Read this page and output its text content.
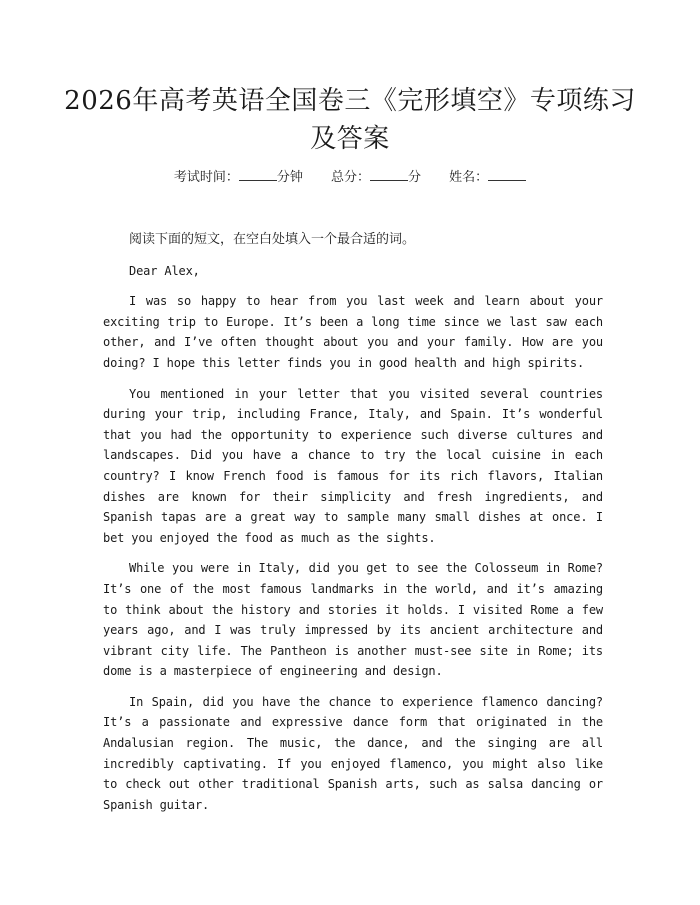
2026年高考英语全国卷三《完形填空》专项练习及答案
考试时间：	分钟 总分：	分 姓名：

阅读下面的短文，在空白处填入一个最合适的词。

Dear Alex,

I was so happy to hear from you last week and learn about your exciting trip to Europe. It’s been a long time since we last saw each other, and I’ve often thought about you and your family. How are you doing? I hope this letter finds you in good health and high spirits.

You mentioned in your letter that you visited several countries during your trip, including France, Italy, and Spain. It’s wonderful that you had the opportunity to experience such diverse cultures and landscapes. Did you have a chance to try the local cuisine in each country? I know French food is famous for its rich flavors, Italian dishes are known for their simplicity and fresh ingredients, and Spanish tapas are a great way to sample many small dishes at once. I bet you enjoyed the food as much as the sights.

While you were in Italy, did you get to see the Colosseum in Rome? It’s one of the most famous landmarks in the world, and it’s amazing to think about the history and stories it holds. I visited Rome a few years ago, and I was truly impressed by its ancient architecture and vibrant city life. The Pantheon is another must-see site in Rome; its dome is a masterpiece of engineering and design.

In Spain, did you have the chance to experience flamenco dancing? It’s a passionate and expressive dance form that originated in the Andalusian region. The music, the dance, and the singing are all incredibly captivating. If you enjoyed flamenco, you might also like to check out other traditional Spanish arts, such as salsa dancing or Spanish guitar.
